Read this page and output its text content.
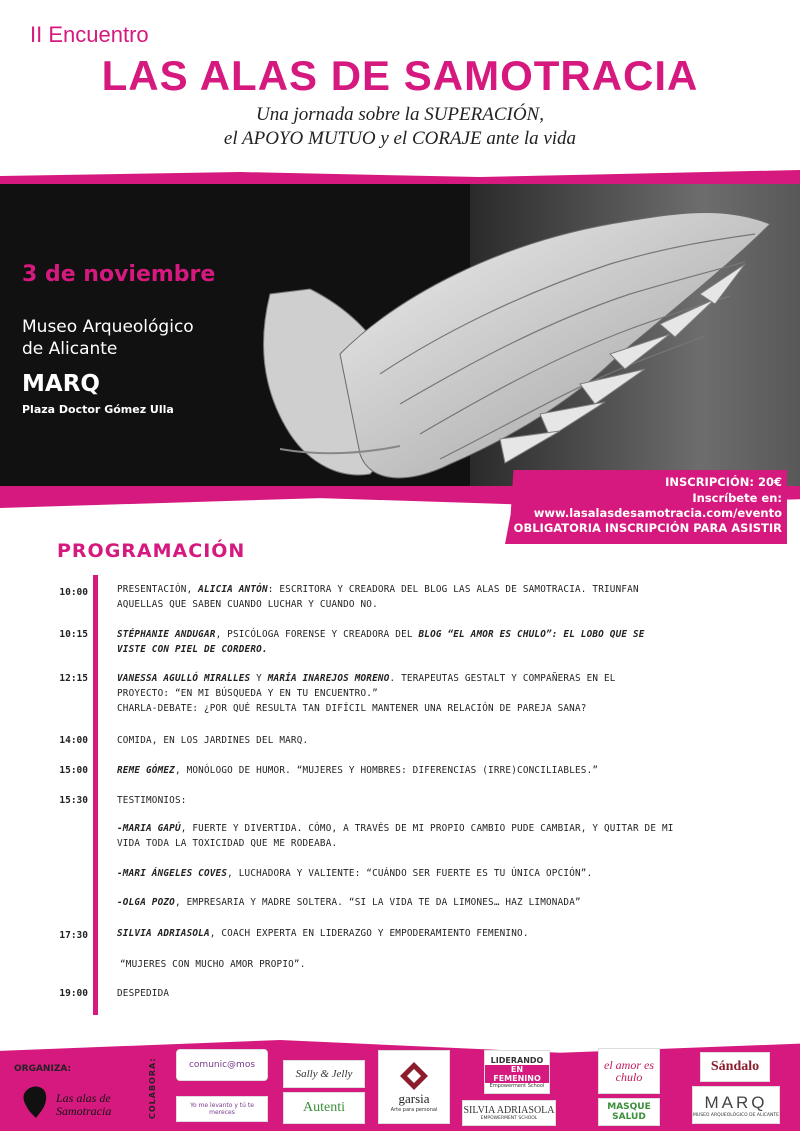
II Encuentro
LAS ALAS DE SAMOTRACIA
Una jornada sobre la SUPERACIÓN,
el APOYO MUTUO y el CORAJE ante la vida
3 de noviembre
Museo Arqueológico
de Alicante
MARQ
Plaza Doctor Gómez Ulla
INSCRIPCIÓN: 20€
Inscríbete en:
www.lasalasdesamotracia.com/evento
OBLIGATORIA INSCRIPCIÓN PARA ASISTIR
PROGRAMACIÓN
10:00	PRESENTACIÓN, ALICIA ANTÓN: ESCRITORA Y CREADORA DEL BLOG LAS ALAS DE SAMOTRACIA. TRIUNFAN
AQUELLAS QUE SABEN CUANDO LUCHAR Y CUANDO NO.
10:15	STÉPHANIE ANDUGAR, PSICÓLOGA FORENSE Y CREADORA DEL BLOG “EL AMOR ES CHULO”: EL LOBO QUE SE
VISTE CON PIEL DE CORDERO.
12:15	VANESSA AGULLÓ MIRALLES Y MARÍA INAREJOS MORENO. TERAPEUTAS GESTALT Y COMPAÑERAS EN EL
PROYECTO: “EN MI BÚSQUEDA Y EN TU ENCUENTRO.”
CHARLA-DEBATE: ¿POR QUÉ RESULTA TAN DIFÍCIL MANTENER UNA RELACIÓN DE PAREJA SANA?
14:00	COMIDA, EN LOS JARDINES DEL MARQ.
15:00	REME GÓMEZ, MONÓLOGO DE HUMOR. “MUJERES Y HOMBRES: DIFERENCIAS (IRRE)CONCILIABLES.”
15:30	TESTIMONIOS:
-MARIA GAPÚ, FUERTE Y DIVERTIDA. CÓMO, A TRAVÉS DE MI PROPIO CAMBIO PUDE CAMBIAR, Y QUITAR DE MI
VIDA TODA LA TOXICIDAD QUE ME RODEABA.
-MARI ÁNGELES COVES, LUCHADORA Y VALIENTE: “CUÁNDO SER FUERTE ES TU ÚNICA OPCIÓN”.
-OLGA POZO, EMPRESARIA Y MADRE SOLTERA. “SI LA VIDA TE DA LIMONES… HAZ LIMONADA”
17:30	SILVIA ADRIASOLA, COACH EXPERTA EN LIDERAZGO Y EMPODERAMIENTO FEMENINO.
“MUJERES CON MUCHO AMOR PROPIO”.
19:00	DESPEDIDA
ORGANIZA:
Las alas de Samotracia	COLABORA:	comunic@mos
Yo me levanto y tú te mereces
Sally & Jelly
Autenti
garsia
Arte para personal
LIDERANDO
EN FEMENINO
Empowerment School
SILVIA ADRIASOLA
EMPOWERMENT SCHOOL
el amor es chulo
MASQUE
SALUD
Sándalo
MARQ
MUSEO ARQUEOLÓGICO DE ALICANTE
